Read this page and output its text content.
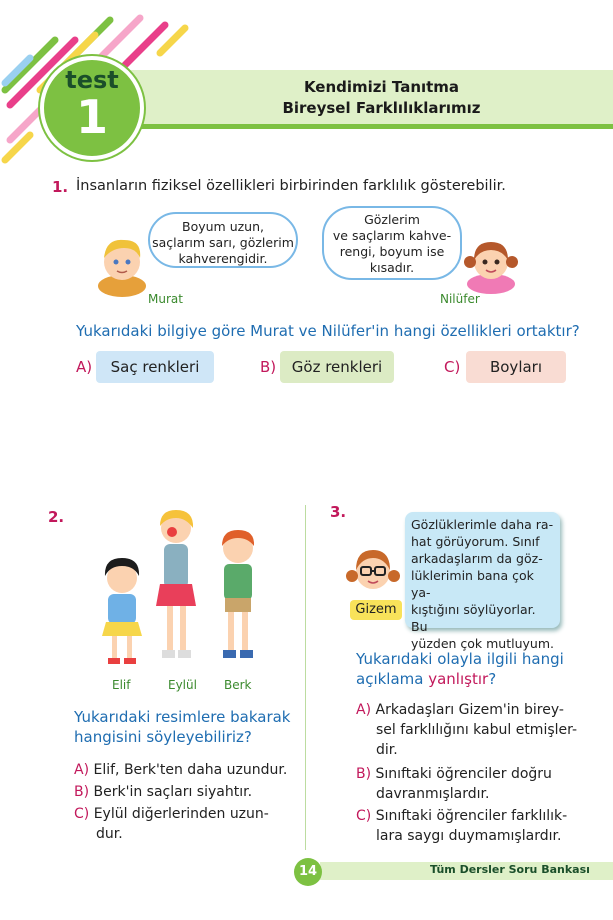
test
1
Kendimizi Tanıtma
Bireysel Farklılıklarımız
1. İnsanların fiziksel özellikleri birbirinden farklılık gösterebilir.
Murat
Boyum uzun,
saçlarım sarı, gözlerim
kahverengidir.
Gözlerim
ve saçlarım kahve-
rengi, boyum ise
kısadır.
Nilüfer
Yukarıdaki bilgiye göre Murat ve Nilüfer'in hangi özellikleri ortaktır?
A)	Saç renkleri	B)	Göz renkleri	C)	Boyları
2.
Elif	Eylül Berk
Yukarıdaki resimlere bakarak
hangisini söyleyebiliriz?
A) Elif, Berk'ten daha uzundur.
B) Berk'in saçları siyahtır.
C) Eylül diğerlerinden uzun-
dur.
3.
Gizem
Gözlüklerimle daha ra-
hat görüyorum. Sınıf
arkadaşlarım da göz-
lüklerimin bana çok ya-
kıştığını söylüyorlar. Bu
yüzden çok mutluyum.
Yukarıdaki olayla ilgili hangi
açıklama yanlıştır?
A) Arkadaşları Gizem'in birey-
sel farklılığını kabul etmişler-
dir.
B) Sınıftaki öğrenciler doğru
davranmışlardır.
C) Sınıftaki öğrenciler farklılık-
lara saygı duymamışlardır.
14	Tüm Dersler Soru Bankası
